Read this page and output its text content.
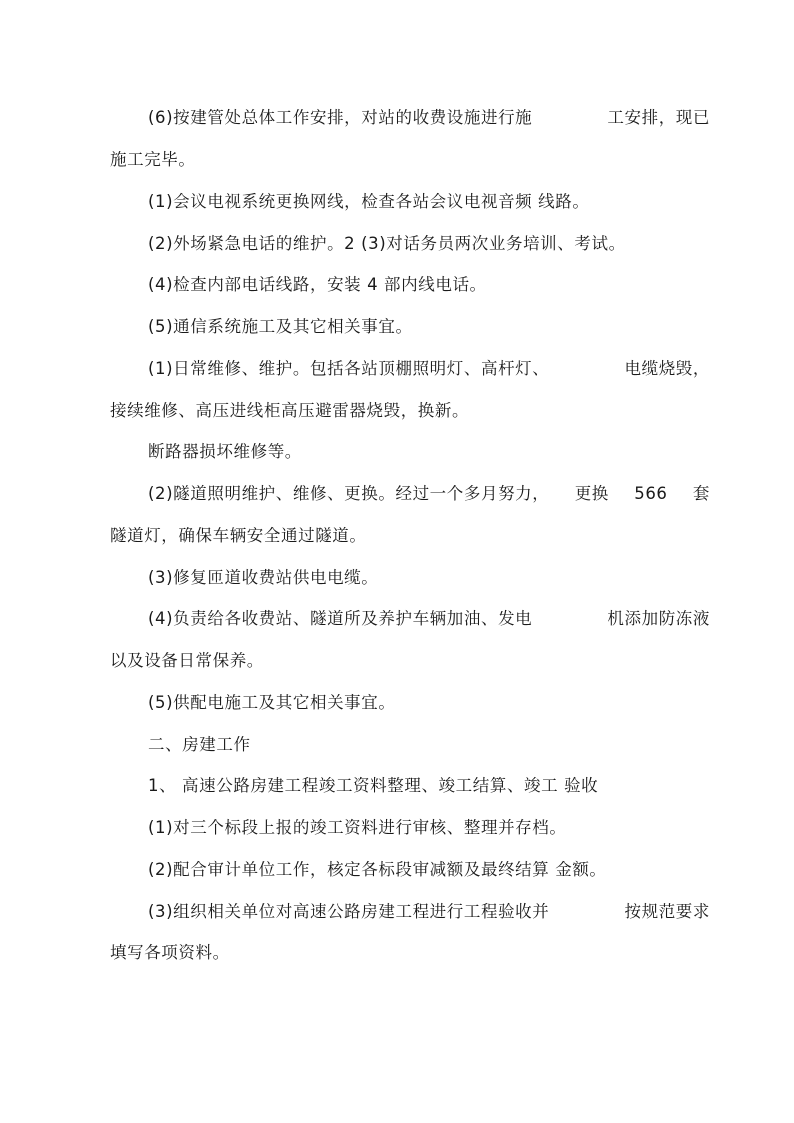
(6)按建管处总体工作安排，对站的收费设施进行施	工安排，现已
施工完毕。
(1)会议电视系统更换网线，检查各站会议电视音频 线路。
(2)外场紧急电话的维护。2 (3)对话务员两次业务培训、考试。
(4)检查内部电话线路，安装 4 部内线电话。
(5)通信系统施工及其它相关事宜。
(1)日常维修、维护。包括各站顶棚照明灯、高杆灯、	电缆烧毁，
接续维修、高压进线柜高压避雷器烧毁，换新。
断路器损坏维修等。
(2)隧道照明维护、维修、更换。经过一个多月努力， 更换 566 套
隧道灯，确保车辆安全通过隧道。
(3)修复匝道收费站供电电缆。
(4)负责给各收费站、隧道所及养护车辆加油、发电	机添加防冻液
以及设备日常保养。
(5)供配电施工及其它相关事宜。
二、房建工作
1、 高速公路房建工程竣工资料整理、竣工结算、竣工 验收
(1)对三个标段上报的竣工资料进行审核、整理并存档。
(2)配合审计单位工作，核定各标段审减额及最终结算 金额。
(3)组织相关单位对高速公路房建工程进行工程验收并	按规范要求
填写各项资料。
